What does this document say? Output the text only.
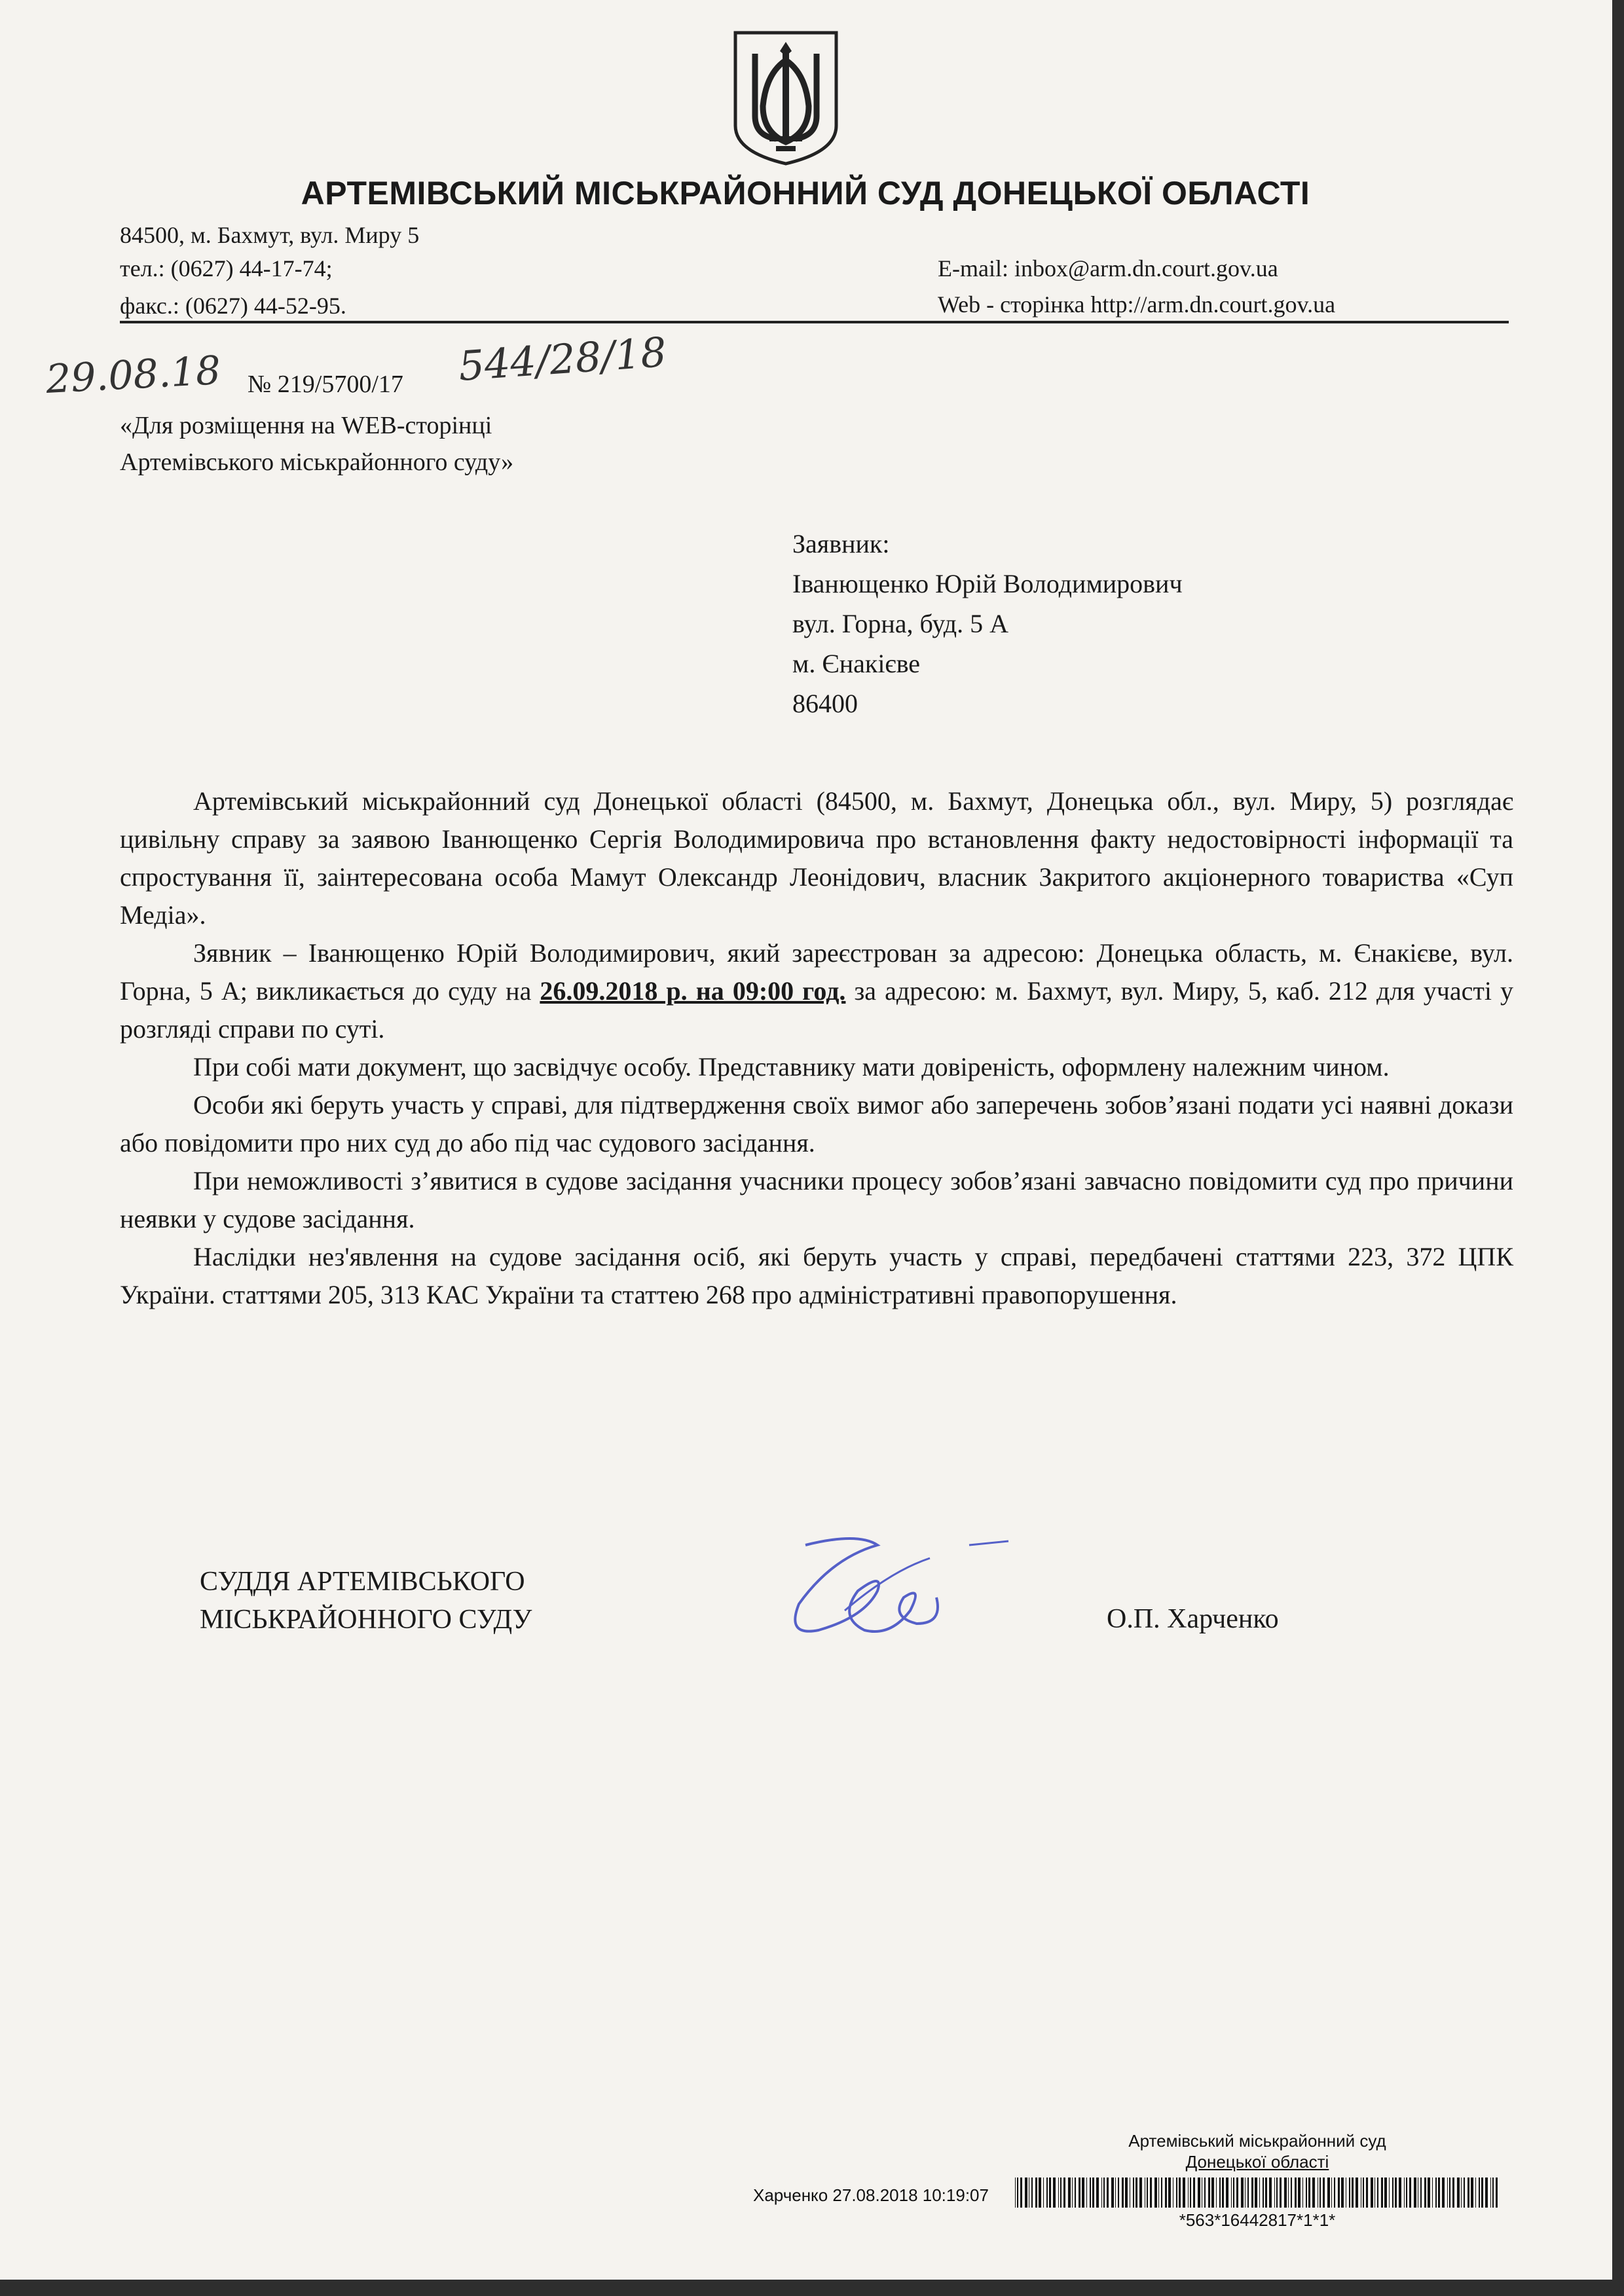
АРТЕМІВСЬКИЙ МІСЬКРАЙОННИЙ СУД ДОНЕЦЬКОЇ ОБЛАСТІ
84500, м. Бахмут, вул. Миру 5
тел.: (0627) 44-17-74;
факс.: (0627) 44-52-95.
E-mail: inbox@arm.dn.court.gov.ua
Web - сторінка http://arm.dn.court.gov.ua
29.08.18 № 219/5700/17 544/28/18
«Для розміщення на WEB-сторінці
Артемівського міськрайонного суду»
Заявник:
Іванющенко Юрій Володимирович
вул. Горна, буд. 5 А
м. Єнакієве
86400

Артемівський міськрайонний суд Донецької області (84500, м. Бахмут, Донецька обл., вул. Миру, 5) розглядає цивільну справу за заявою Іванющенко Сергія Володимировича про встановлення факту недостовірності інформації та спростування її, заінтересована особа Мамут Олександр Леонідович, власник Закритого акціонерного товариства «Суп Медіа».

Зявник – Іванющенко Юрій Володимирович, який зареєстрован за адресою: Донецька область, м. Єнакієве, вул. Горна, 5 А; викликається до суду на 26.09.2018 р. на 09:00 год. за адресою: м. Бахмут, вул. Миру, 5, каб. 212 для участі у розгляді справи по суті.

При собі мати документ, що засвідчує особу. Представнику мати довіреність, оформлену належним чином.

Особи які беруть участь у справі, для підтвердження своїх вимог або заперечень зобов’язані подати усі наявні докази або повідомити про них суд до або під час судового засідання.

При неможливості з’явитися в судове засідання учасники процесу зобов’язані завчасно повідомити суд про причини неявки у судове засідання.

Наслідки нез'явлення на судове засідання осіб, які беруть участь у справі, передбачені статтями 223, 372 ЦПК України. статтями 205, 313 КАС України та статтею 268 про адміністративні правопорушення.

СУДДЯ АРТЕМІВСЬКОГО
МІСЬКРАЙОННОГО СУДУ	О.П. Харченко
Артемівський міськрайонний суд
Донецької області
Харченко 27.08.2018 10:19:07
*563*16442817*1*1*
